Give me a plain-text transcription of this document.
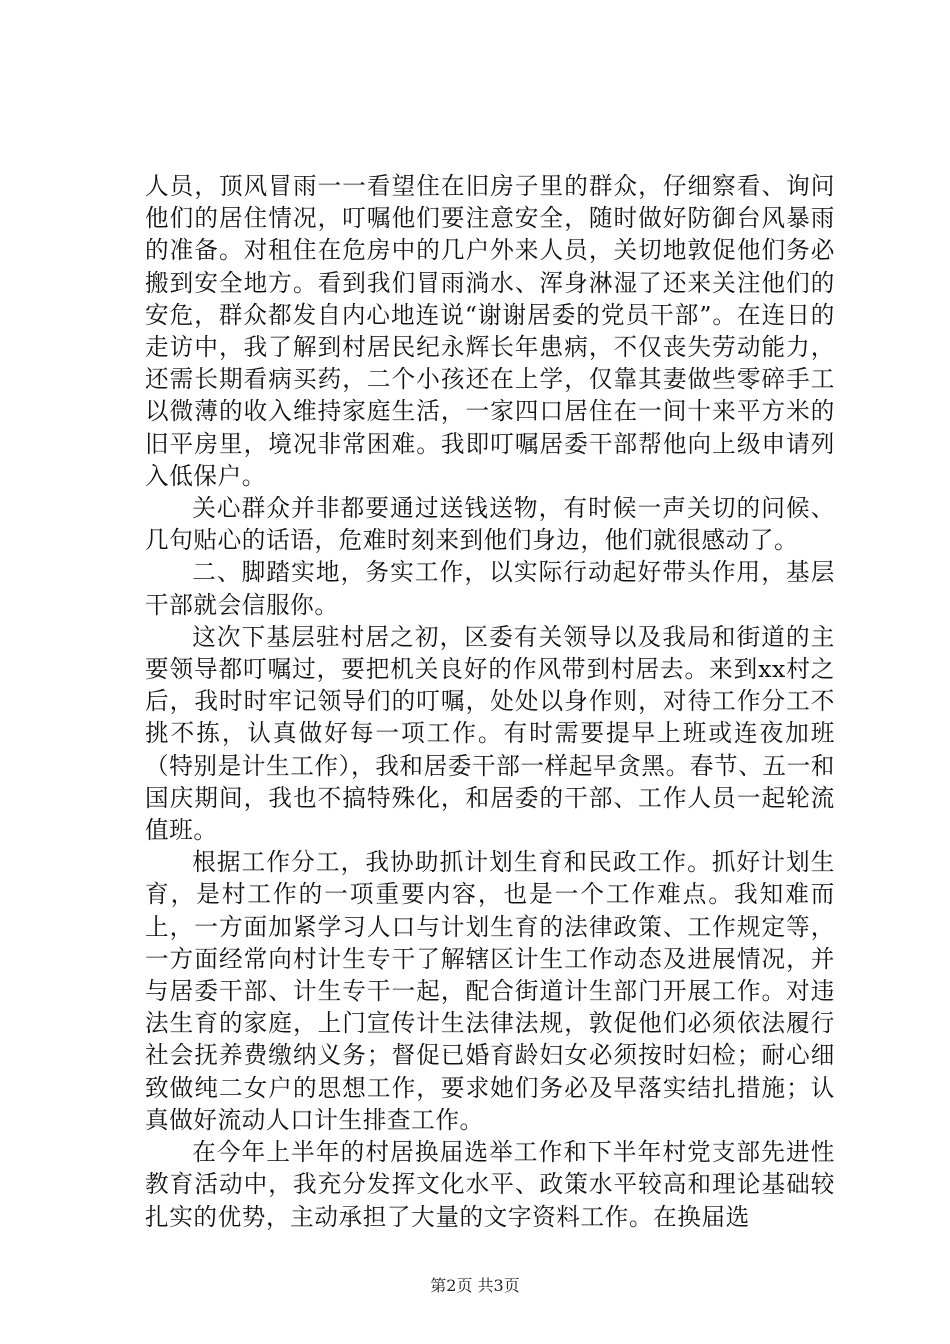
人员，顶风冒雨一一看望住在旧房子里的群众，仔细察看、询问他们的居住情况，叮嘱他们要注意安全，随时做好防御台风暴雨的准备。对租住在危房中的几户外来人员，关切地敦促他们务必搬到安全地方。看到我们冒雨淌水、浑身淋湿了还来关注他们的安危，群众都发自内心地连说“谢谢居委的党员干部”。在连日的走访中，我了解到村居民纪永辉长年患病，不仅丧失劳动能力，还需长期看病买药，二个小孩还在上学，仅靠其妻做些零碎手工以微薄的收入维持家庭生活，一家四口居住在一间十来平方米的旧平房里，境况非常困难。我即叮嘱居委干部帮他向上级申请列入低保户。

关心群众并非都要通过送钱送物，有时候一声关切的问候、几句贴心的话语，危难时刻来到他们身边，他们就很感动了。

二、脚踏实地，务实工作，以实际行动起好带头作用，基层干部就会信服你。

这次下基层驻村居之初，区委有关领导以及我局和街道的主要领导都叮嘱过，要把机关良好的作风带到村居去。来到xx村之后，我时时牢记领导们的叮嘱，处处以身作则，对待工作分工不挑不拣，认真做好每一项工作。有时需要提早上班或连夜加班（特别是计生工作），我和居委干部一样起早贪黑。春节、五一和国庆期间，我也不搞特殊化，和居委的干部、工作人员一起轮流值班。

根据工作分工，我协助抓计划生育和民政工作。抓好计划生育，是村工作的一项重要内容，也是一个工作难点。我知难而上，一方面加紧学习人口与计划生育的法律政策、工作规定等，一方面经常向村计生专干了解辖区计生工作动态及进展情况，并与居委干部、计生专干一起，配合街道计生部门开展工作。对违法生育的家庭，上门宣传计生法律法规，敦促他们必须依法履行社会抚养费缴纳义务；督促已婚育龄妇女必须按时妇检；耐心细致做纯二女户的思想工作，要求她们务必及早落实结扎措施；认真做好流动人口计生排查工作。

在今年上半年的村居换届选举工作和下半年村党支部先进性教育活动中，我充分发挥文化水平、政策水平较高和理论基础较扎实的优势，主动承担了大量的文字资料工作。在换届选

第2页 共3页
